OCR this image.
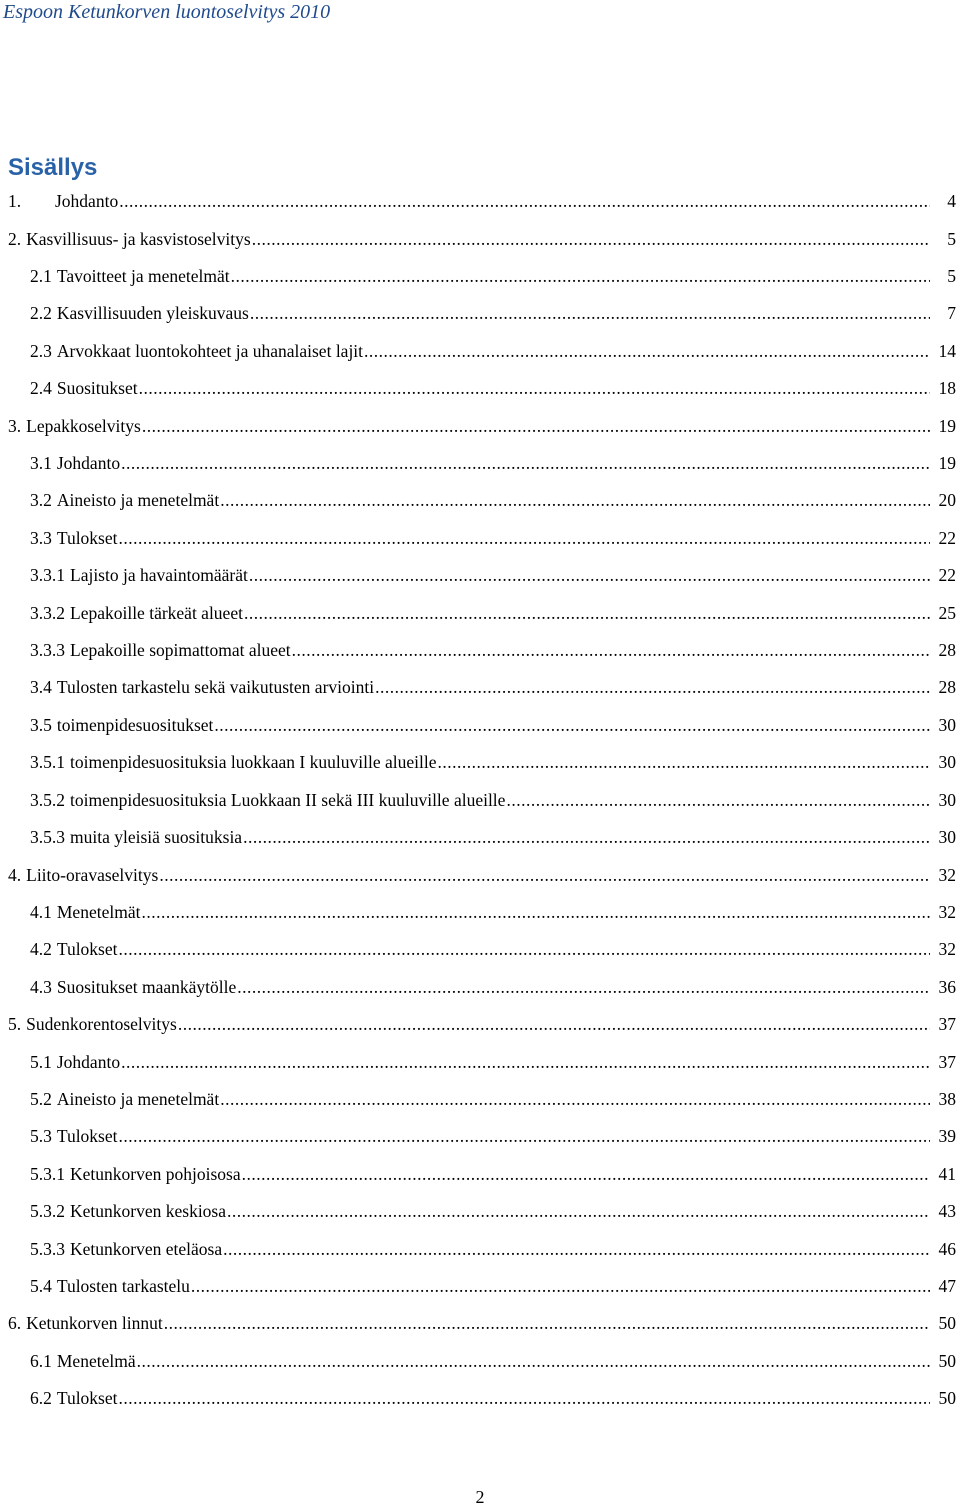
Espoon Ketunkorven luontoselvitys 2010
Sisällys
1.	Johdanto .....	4
2. Kasvillisuus- ja kasvistoselvitys .....	5
2.1 Tavoitteet ja menetelmät .....	5
2.2 Kasvillisuuden yleiskuvaus .....	7
2.3 Arvokkaat luontokohteet ja uhanalaiset lajit .....	14
2.4 Suositukset .....	18
3. Lepakkoselvitys .....	19
3.1 Johdanto .....	19
3.2 Aineisto ja menetelmät .....	20
3.3 Tulokset .....	22
3.3.1 Lajisto ja havaintomäärät .....	22
3.3.2 Lepakoille tärkeät alueet .....	25
3.3.3 Lepakoille sopimattomat alueet .....	28
3.4 Tulosten tarkastelu sekä vaikutusten arviointi .....	28
3.5 toimenpidesuositukset .....	30
3.5.1 toimenpidesuosituksia luokkaan I kuuluville alueille .....	30
3.5.2 toimenpidesuosituksia Luokkaan II sekä III kuuluville alueille .....	30
3.5.3 muita yleisiä suosituksia .....	30
4. Liito-oravaselvitys .....	32
4.1 Menetelmät .....	32
4.2 Tulokset .....	32
4.3 Suositukset maankäytölle .....	36
5. Sudenkorentoselvitys .....	37
5.1 Johdanto .....	37
5.2 Aineisto ja menetelmät .....	38
5.3 Tulokset .....	39
5.3.1 Ketunkorven pohjoisosa .....	41
5.3.2 Ketunkorven keskiosa .....	43
5.3.3 Ketunkorven eteläosa .....	46
5.4 Tulosten tarkastelu .....	47
6. Ketunkorven linnut .....	50
6.1 Menetelmä .....	50
6.2 Tulokset .....	50
2
